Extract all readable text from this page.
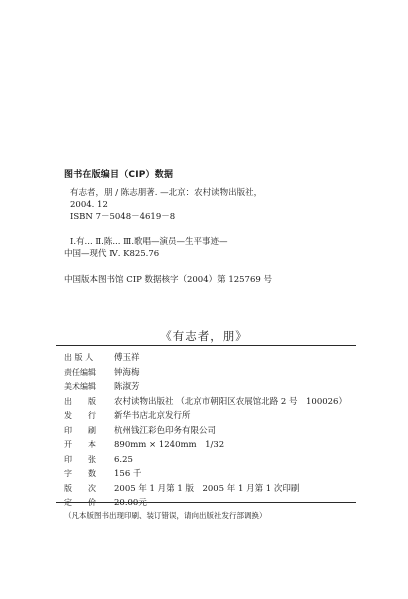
图书在版编目（CIP）数据
有志者，朋 / 陈志朋著. —北京：农村读物出版社，
2004. 12
ISBN 7－5048－4619－8
Ⅰ.有... Ⅱ.陈... Ⅲ.歌唱—演员—生平事迹—
中国—现代 Ⅳ. K825.76
中国版本图书馆 CIP 数据核字（2004）第 125769 号
《有志者，朋》
出 版 人	傅玉祥
责任编辑	钟海梅
美术编辑	陈淑芳
出　　版	农村读物出版社 （北京市朝阳区农展馆北路 2 号　100026）
发　　行	新华书店北京发行所
印　　刷	杭州钱江彩色印务有限公司
开　　本	890mm × 1240mm　1/32
印　　张	6.25
字　　数	156 千
版　　次	2005 年 1 月第 1 版　2005 年 1 月第 1 次印刷
定　　价	20.00元
（凡本版图书出现印刷、装订错误，请向出版社发行部调换）
